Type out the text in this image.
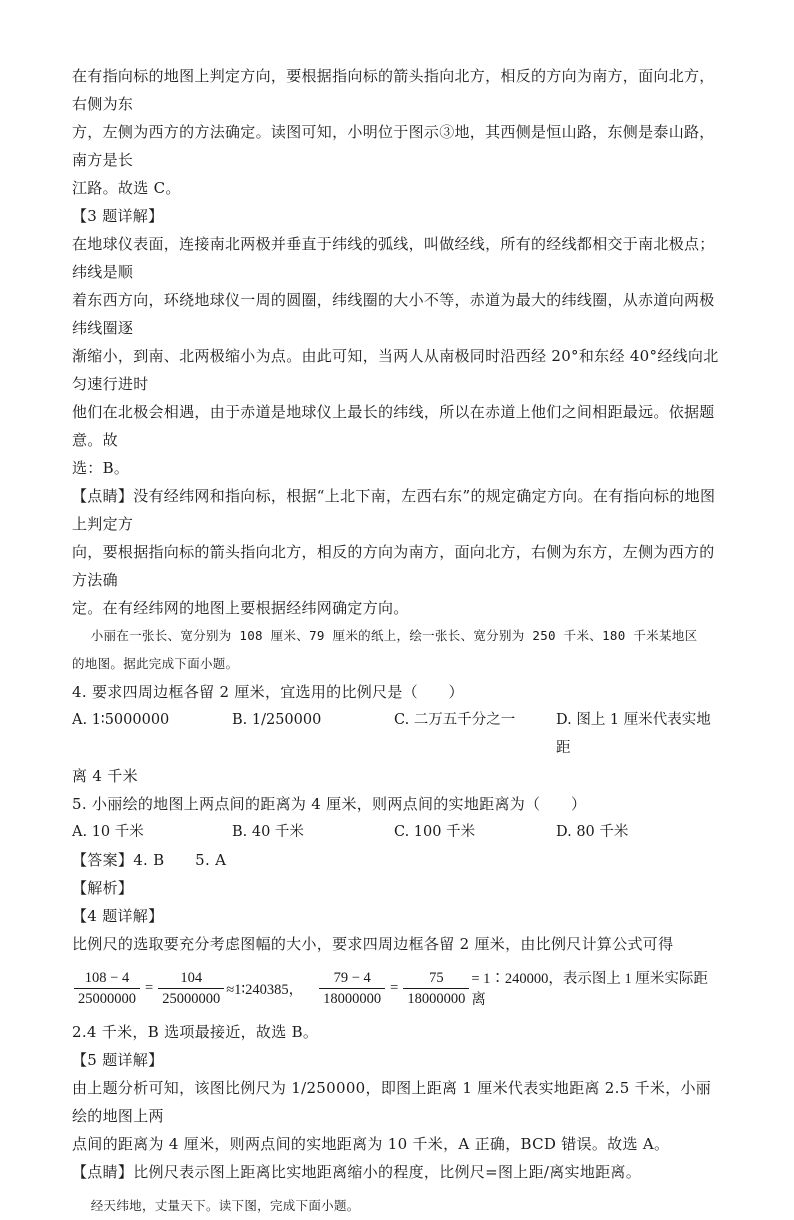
在有指向标的地图上判定方向，要根据指向标的箭头指向北方，相反的方向为南方，面向北方，右侧为东

方，左侧为西方的方法确定。读图可知，小明位于图示③地，其西侧是恒山路，东侧是泰山路，南方是长

江路。故选 C。

【3 题详解】

在地球仪表面，连接南北两极并垂直于纬线的弧线，叫做经线，所有的经线都相交于南北极点；纬线是顺

着东西方向，环绕地球仪一周的圆圈，纬线圈的大小不等，赤道为最大的纬线圈，从赤道向两极纬线圈逐

渐缩小，到南、北两极缩小为点。由此可知，当两人从南极同时沿西经 20°和东经 40°经线向北匀速行进时

他们在北极会相遇，由于赤道是地球仪上最长的纬线，所以在赤道上他们之间相距最远。依据题意。故

选：B。

【点睛】没有经纬网和指向标，根据“上北下南，左西右东”的规定确定方向。在有指向标的地图上判定方

向，要根据指向标的箭头指向北方，相反的方向为南方，面向北方，右侧为东方，左侧为西方的方法确

定。在有经纬网的地图上要根据经纬网确定方向。

小丽在一张长、宽分别为 108 厘米、79 厘米的纸上，绘一张长、宽分别为 250 千米、180 千米某地区

的地图。据此完成下面小题。

4. 要求四周边框各留 2 厘米，宜选用的比例尺是（　　）

A. 1∶5000000	B. 1/250000	C. 二万五千分之一	D. 图上 1 厘米代表实地距

离 4 千米

5. 小丽绘的地图上两点间的距离为 4 厘米，则两点间的实地距离为（　　）

A. 10 千米	B. 40 千米	C. 100 千米	D. 80 千米

【答案】4. B　　5. A

【解析】

【4 题详解】

比例尺的选取要充分考虑图幅的大小，要求四周边框各留 2 厘米，由比例尺计算公式可得

$\frac{108 - 4}{25000000} = \frac{104}{25000000}$ ≈1∶240385， $\frac{79 - 4}{18000000} = \frac{75}{18000000}$ = 1∶240000，表示图上 1 厘米实际距离

2.4 千米，B 选项最接近，故选 B。

【5 题详解】

由上题分析可知，该图比例尺为 1/250000，即图上距离 1 厘米代表实地距离 2.5 千米，小丽绘的地图上两

点间的距离为 4 厘米，则两点间的实地距离为 10 千米，A 正确，BCD 错误。故选 A。

【点睛】比例尺表示图上距离比实地距离缩小的程度，比例尺=图上距/离实地距离。

经天纬地，丈量天下。读下图，完成下面小题。
